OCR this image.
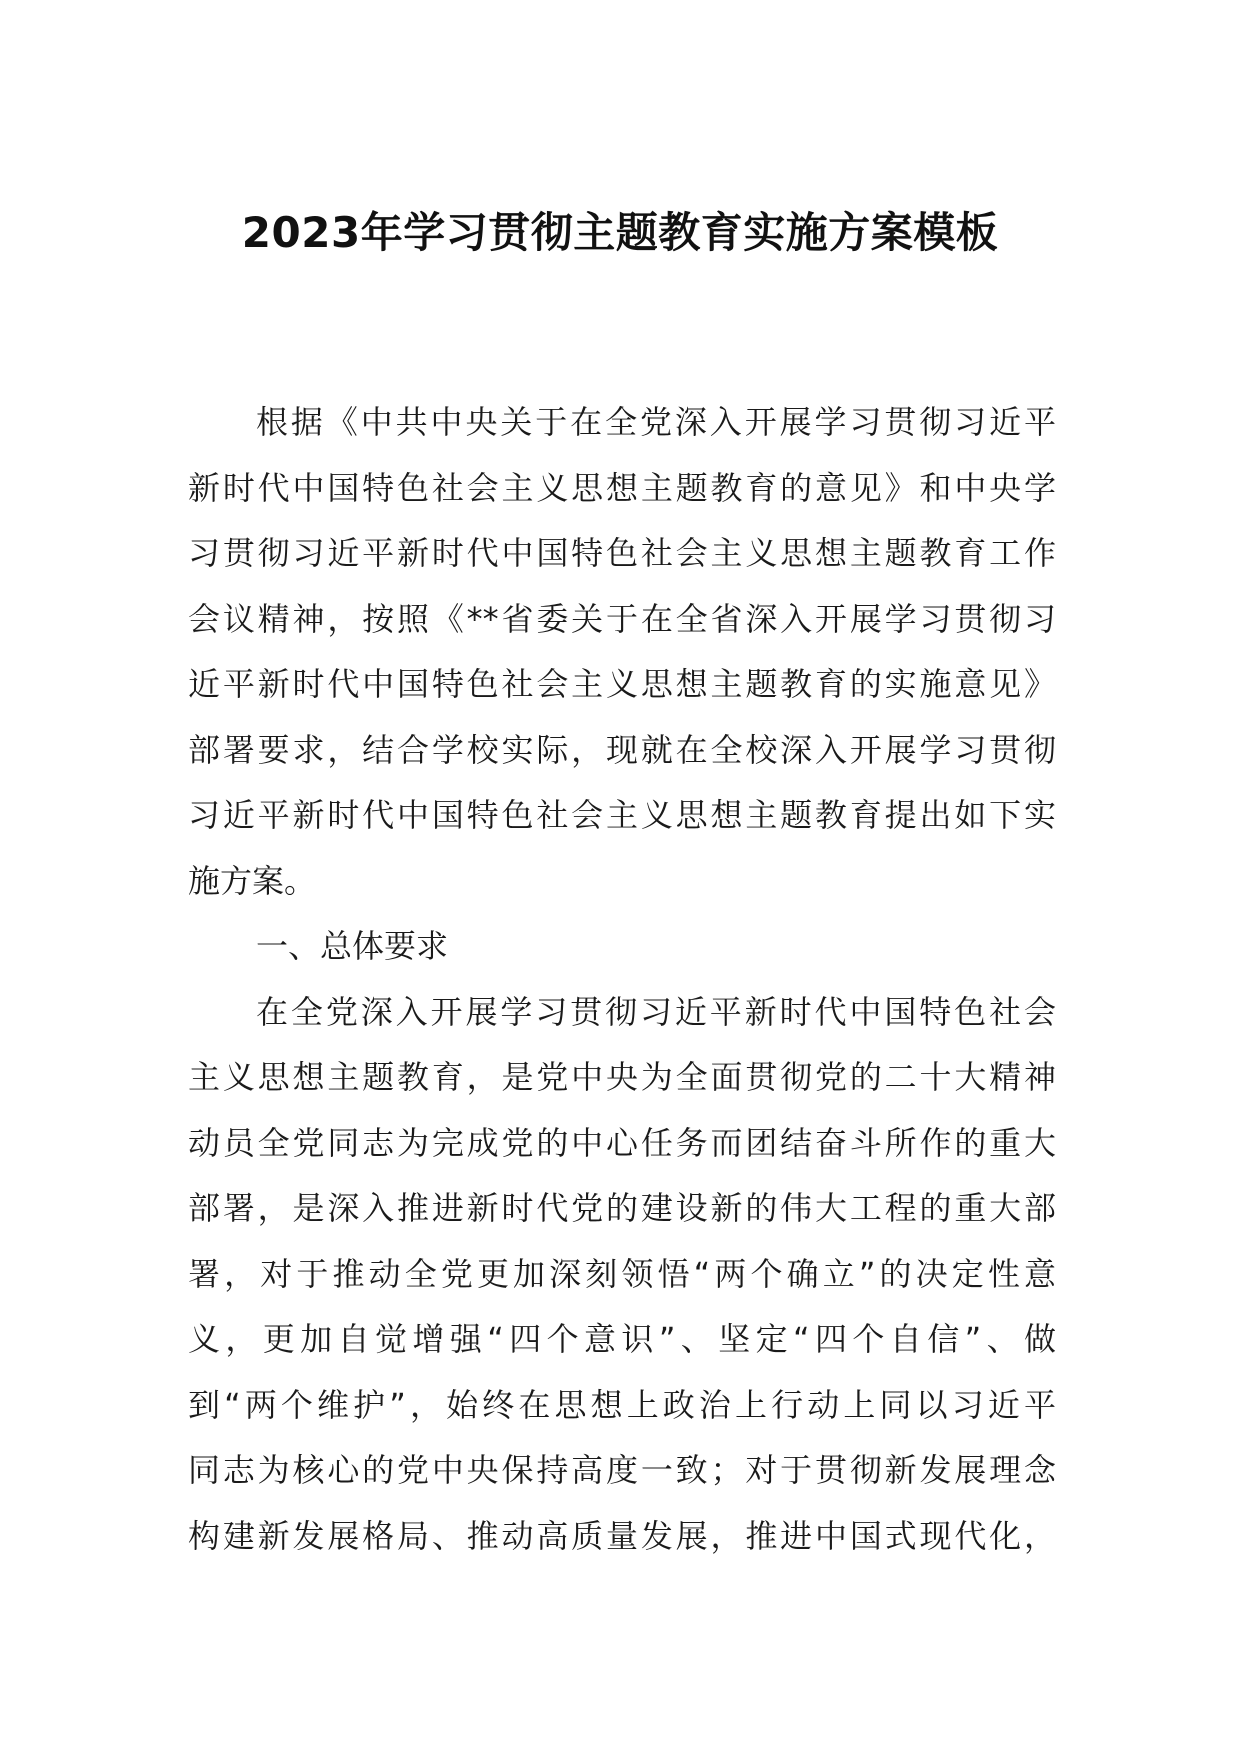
2023年学习贯彻主题教育实施方案模板
根据《中共中央关于在全党深入开展学习贯彻习近平
新时代中国特色社会主义思想主题教育的意见》和中央学
习贯彻习近平新时代中国特色社会主义思想主题教育工作
会议精神，按照《**省委关于在全省深入开展学习贯彻习
近平新时代中国特色社会主义思想主题教育的实施意见》
部署要求，结合学校实际，现就在全校深入开展学习贯彻
习近平新时代中国特色社会主义思想主题教育提出如下实
施方案。
一、总体要求
在全党深入开展学习贯彻习近平新时代中国特色社会
主义思想主题教育，是党中央为全面贯彻党的二十大精神
动员全党同志为完成党的中心任务而团结奋斗所作的重大
部署，是深入推进新时代党的建设新的伟大工程的重大部
署，对于推动全党更加深刻领悟“两个确立”的决定性意
义，更加自觉增强“四个意识”、坚定“四个自信”、做
到“两个维护”，始终在思想上政治上行动上同以习近平
同志为核心的党中央保持高度一致；对于贯彻新发展理念
构建新发展格局、推动高质量发展，推进中国式现代化，
